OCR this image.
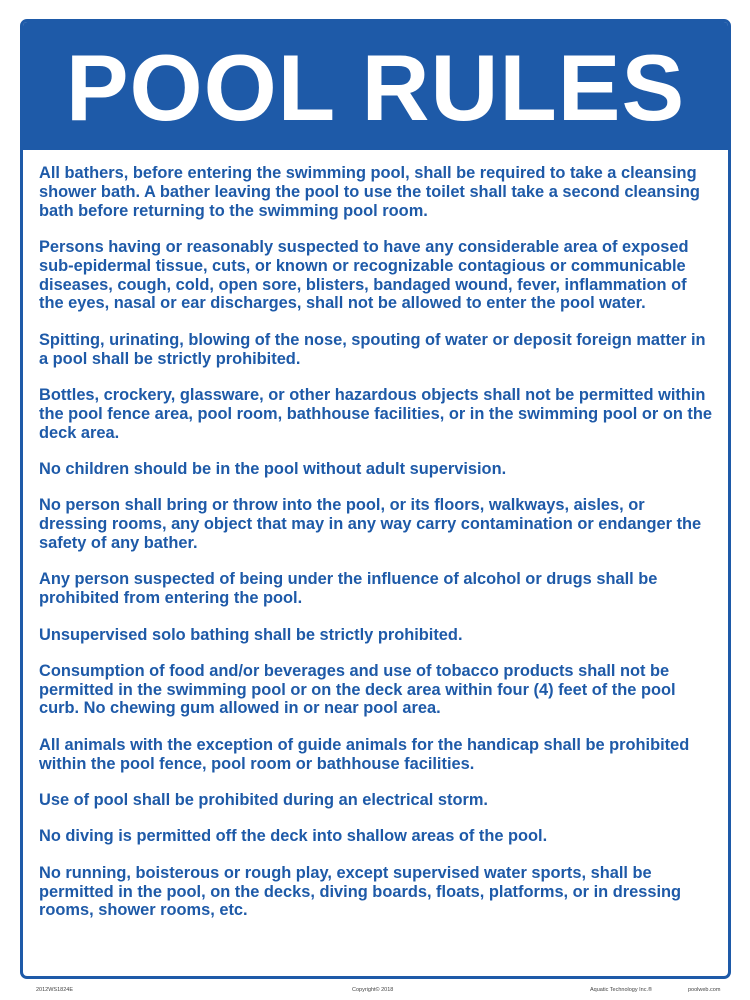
POOL RULES

All bathers, before entering the swimming pool, shall be required to take a cleansing shower bath. A bather leaving the pool to use the toilet shall take a second cleansing bath before returning to the swimming pool room.

Persons having or reasonably suspected to have any considerable area of exposed sub-epidermal tissue, cuts, or known or recognizable contagious or communicable diseases, cough, cold, open sore, blisters, bandaged wound, fever, inflammation of the eyes, nasal or ear discharges, shall not be allowed to enter the pool water.

Spitting, urinating, blowing of the nose, spouting of water or deposit foreign matter in a pool shall be strictly prohibited.

Bottles, crockery, glassware, or other hazardous objects shall not be permitted within the pool fence area, pool room, bathhouse facilities, or in the swimming pool or on the deck area.

No children should be in the pool without adult supervision.

No person shall bring or throw into the pool, or its floors, walkways, aisles, or dressing rooms, any object that may in any way carry contamination or endanger the safety of any bather.

Any person suspected of being under the influence of alcohol or drugs shall be prohibited from entering the pool.

Unsupervised solo bathing shall be strictly prohibited.

Consumption of food and/or beverages and use of tobacco products shall not be permitted in the swimming pool or on the deck area within four (4) feet of the pool curb. No chewing gum allowed in or near pool area.

All animals with the exception of guide animals for the handicap shall be prohibited within the pool fence, pool room or bathhouse facilities.

Use of pool shall be prohibited during an electrical storm.

No diving is permitted off the deck into shallow areas of the pool.

No running, boisterous or rough play, except supervised water sports, shall be permitted in the pool, on the decks, diving boards, floats, platforms, or in dressing rooms, shower rooms, etc.

2012WS1824E	Copyright© 2018	Aquatic Technology Inc.®	poolweb.com
